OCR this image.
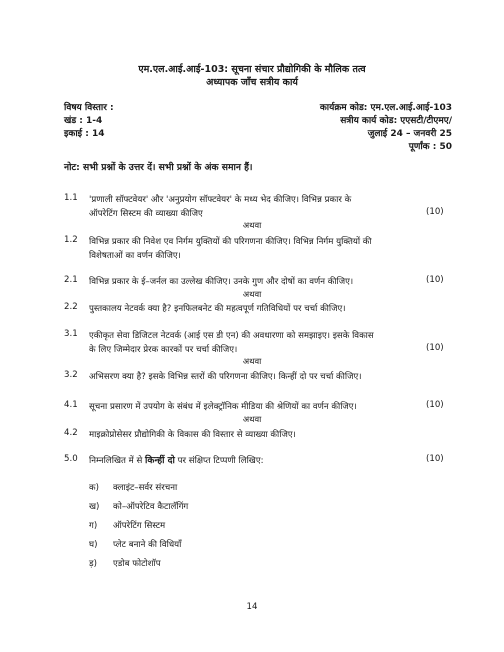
एम.एल.आई.आई-103: सूचना संचार प्रौद्योगिकी के मौलिक तत्व
अध्यापक जाँच सत्रीय कार्य
विषय विस्तार :
खंड : 1-4
इकाई : 14
कार्यक्रम कोड: एम.एल.आई.आई-103
सत्रीय कार्य कोड: एएसटी/टीएमए/
जुलाई 24 – जनवरी 25
पूर्णांक : 50
नोट: सभी प्रश्नों के उत्तर दें। सभी प्रश्नों के अंक समान हैं।
1.1 'प्रणाली सॉफ्टवेयर' और 'अनुप्रयोग सॉफ्टवेयर' के मध्य भेद कीजिए। विभिन्न प्रकार के
ऑपरेटिंग सिस्टम की व्याख्या कीजिए	(10)
अथवा
1.2 विभिन्न प्रकार की निवेश एव निर्गम युक्तियों की परिगणना कीजिए। विभिन्न निर्गम युक्तियों की
विशेषताओं का वर्णन कीजिए।
2.1 विभिन्न प्रकार के ई–जर्नल का उल्लेख कीजिए। उनके गुण और दोषों का वर्णन कीजिए।	(10)
अथवा
2.2 पुस्तकालय नेटवर्क क्या है? इनफिलबनेट की महत्वपूर्ण गतिविधियों पर चर्चा कीजिए।
3.1 एकीकृत सेवा डिजिटल नेटवर्क (आई एस डी एन) की अवधारणा को समझाइए। इसके विकास
के लिए जिम्मेदार प्रेरक कारकों पर चर्चा कीजिए।	(10)
अथवा
3.2 अभिसरण क्या है? इसके विभिन्न स्तरों की परिगणना कीजिए। किन्हीं दो पर चर्चा कीजिए।
4.1 सूचना प्रसारण में उपयोग के संबंध में इलेक्ट्रॉनिक मीडिया की श्रेणियों का वर्णन कीजिए।	(10)
अथवा
4.2 माइक्रोप्रोसेसर प्रौद्योगिकी के विकास की विस्तार से व्याख्या कीजिए।
5.0 निम्नलिखित में से किन्हीं दो पर संक्षिप्त टिप्पणी लिखिए:	(10)
क) क्लाइंट–सर्वर संरचना
ख) को–ऑपरेटिव कैटालॅगिंग
ग) ऑपरेटिंग सिस्टम
घ) प्लेट बनाने की विधियाँ
ड़) एडोब फोटोशॉप
14
